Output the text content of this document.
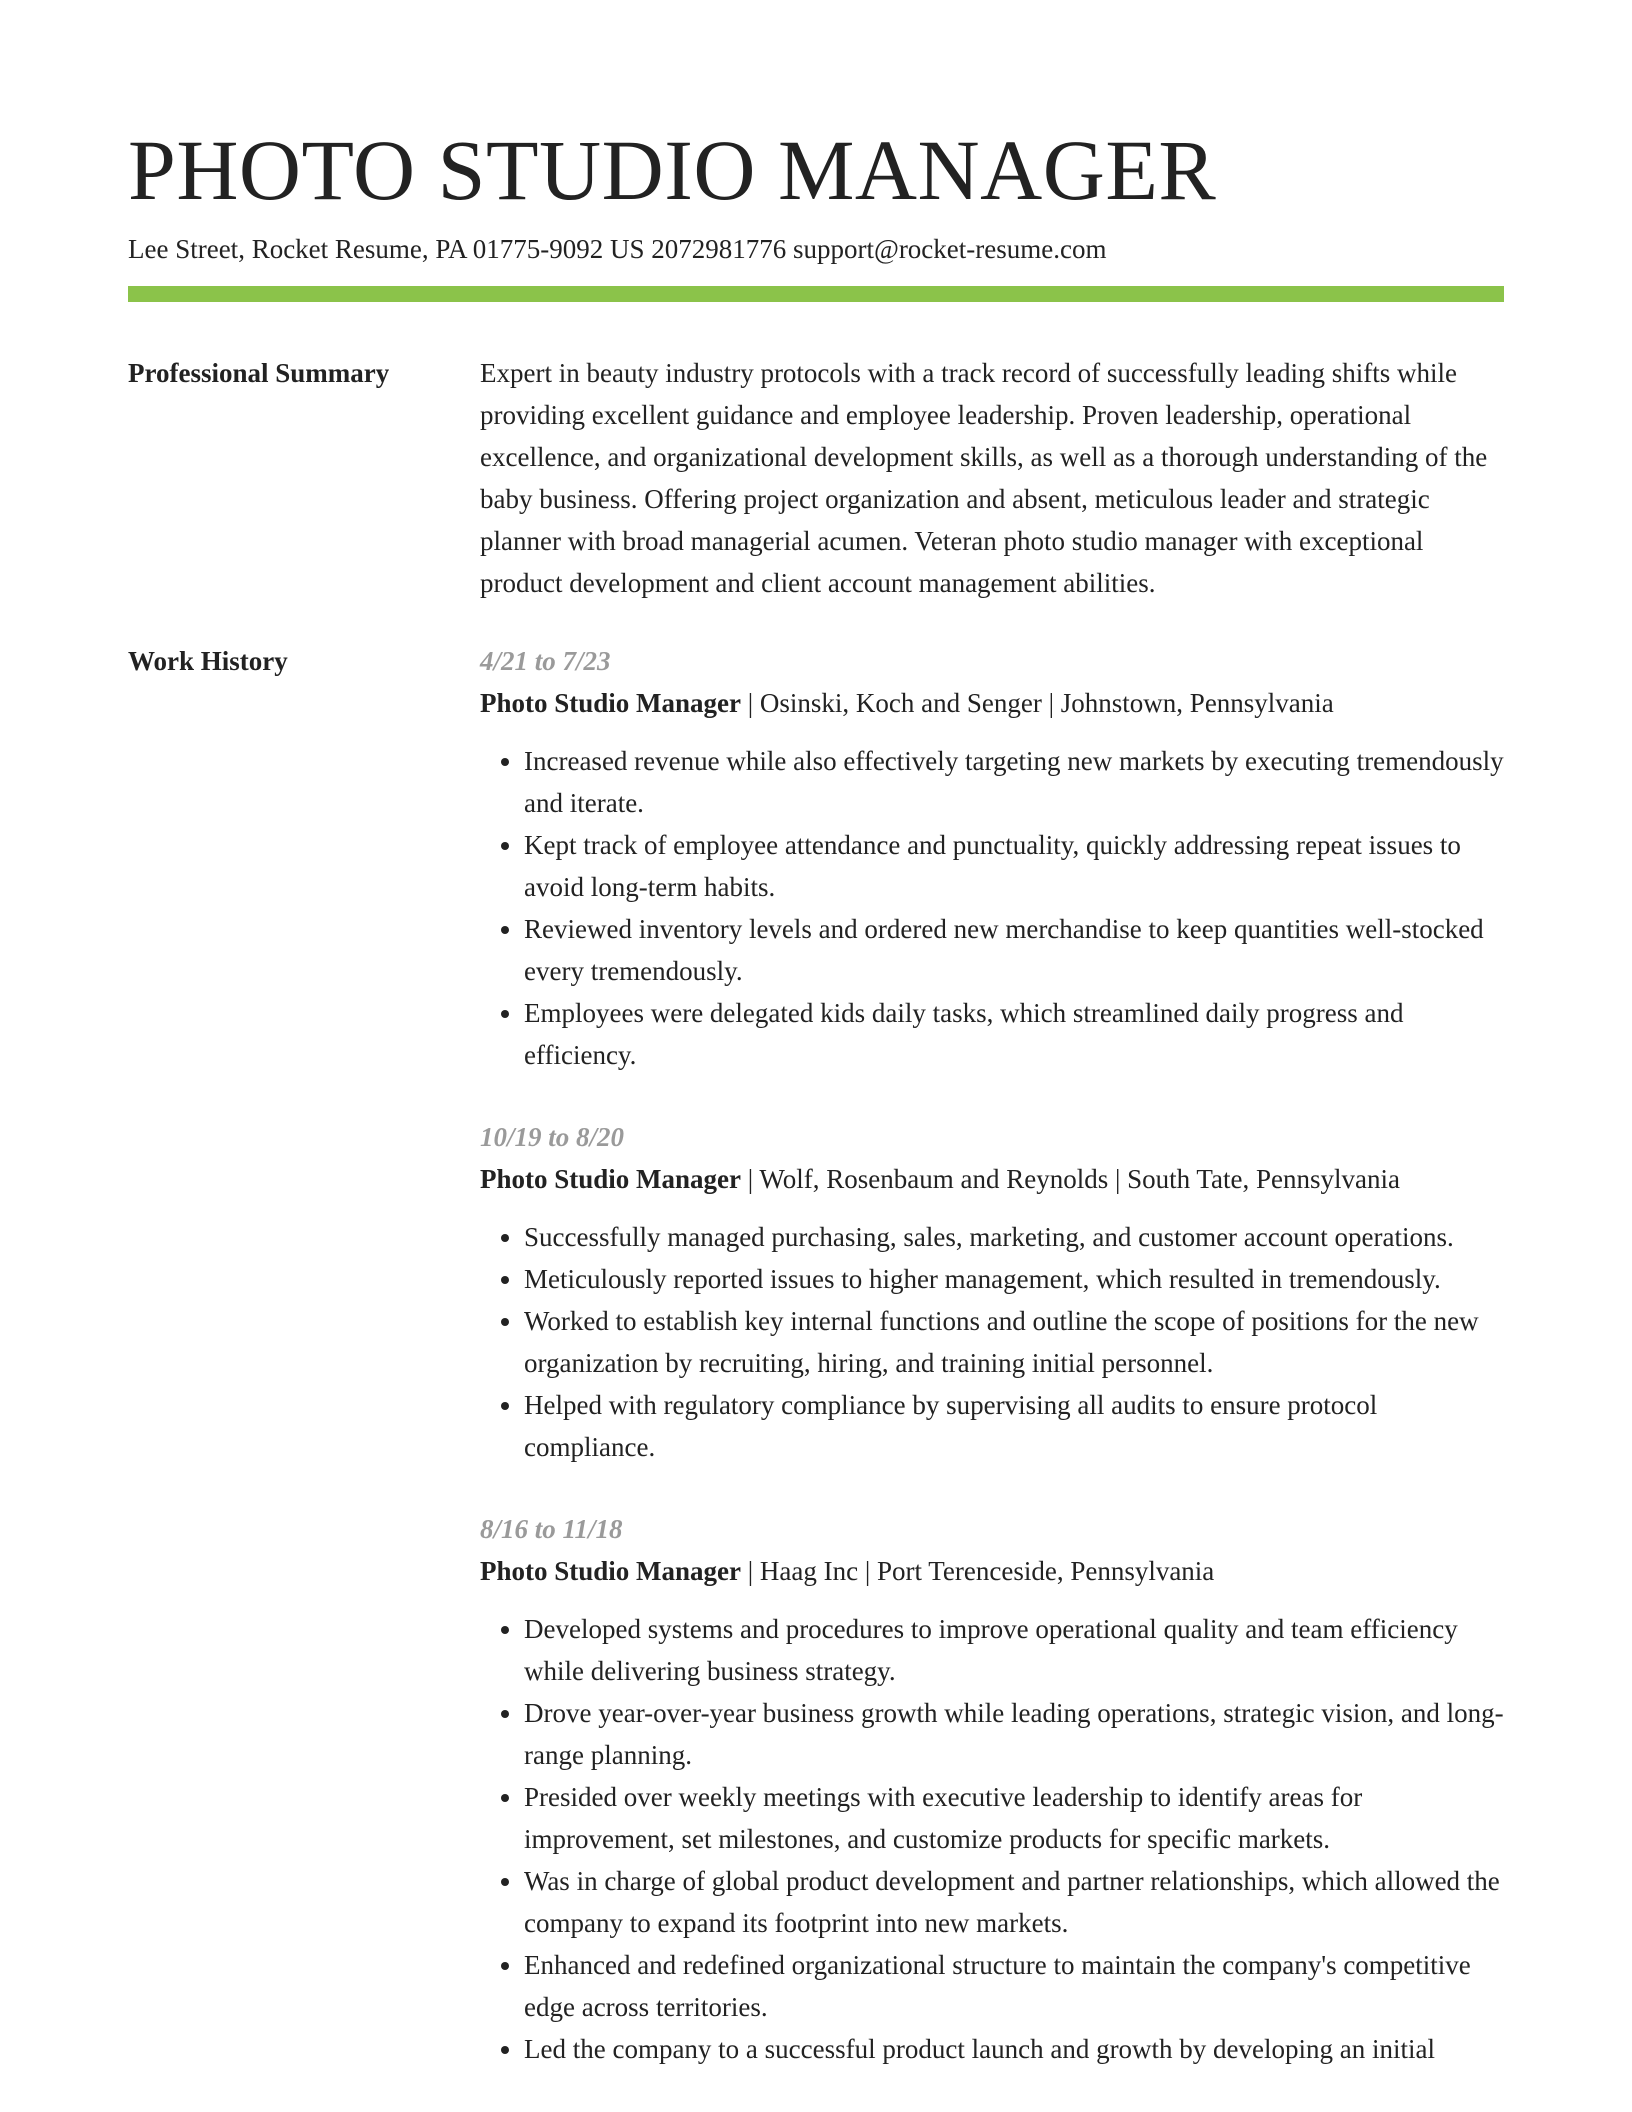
PHOTO STUDIO MANAGER
Lee Street, Rocket Resume, PA 01775-9092 US 2072981776 support@rocket-resume.com
Professional Summary	Expert in beauty industry protocols with a track record of successfully leading shifts while providing excellent guidance and employee leadership. Proven leadership, operational excellence, and organizational development skills, as well as a thorough understanding of the baby business. Offering project organization and absent, meticulous leader and strategic planner with broad managerial acumen. Veteran photo studio manager with exceptional product development and client account management abilities.

Work History	4/21 to 7/23
Photo Studio Manager | Osinski, Koch and Senger | Johnstown, Pennsylvania
• Increased revenue while also effectively targeting new markets by executing tremendously and iterate.
• Kept track of employee attendance and punctuality, quickly addressing repeat issues to avoid long-term habits.
• Reviewed inventory levels and ordered new merchandise to keep quantities well-stocked every tremendously.
• Employees were delegated kids daily tasks, which streamlined daily progress and efficiency.
10/19 to 8/20
Photo Studio Manager | Wolf, Rosenbaum and Reynolds | South Tate, Pennsylvania
• Successfully managed purchasing, sales, marketing, and customer account operations.
• Meticulously reported issues to higher management, which resulted in tremendously.
• Worked to establish key internal functions and outline the scope of positions for the new organization by recruiting, hiring, and training initial personnel.
• Helped with regulatory compliance by supervising all audits to ensure protocol compliance.
8/16 to 11/18
Photo Studio Manager | Haag Inc | Port Terenceside, Pennsylvania
• Developed systems and procedures to improve operational quality and team efficiency while delivering business strategy.
• Drove year-over-year business growth while leading operations, strategic vision, and long-range planning.
• Presided over weekly meetings with executive leadership to identify areas for improvement, set milestones, and customize products for specific markets.
• Was in charge of global product development and partner relationships, which allowed the company to expand its footprint into new markets.
• Enhanced and redefined organizational structure to maintain the company's competitive edge across territories.
• Led the company to a successful product launch and growth by developing an initial
